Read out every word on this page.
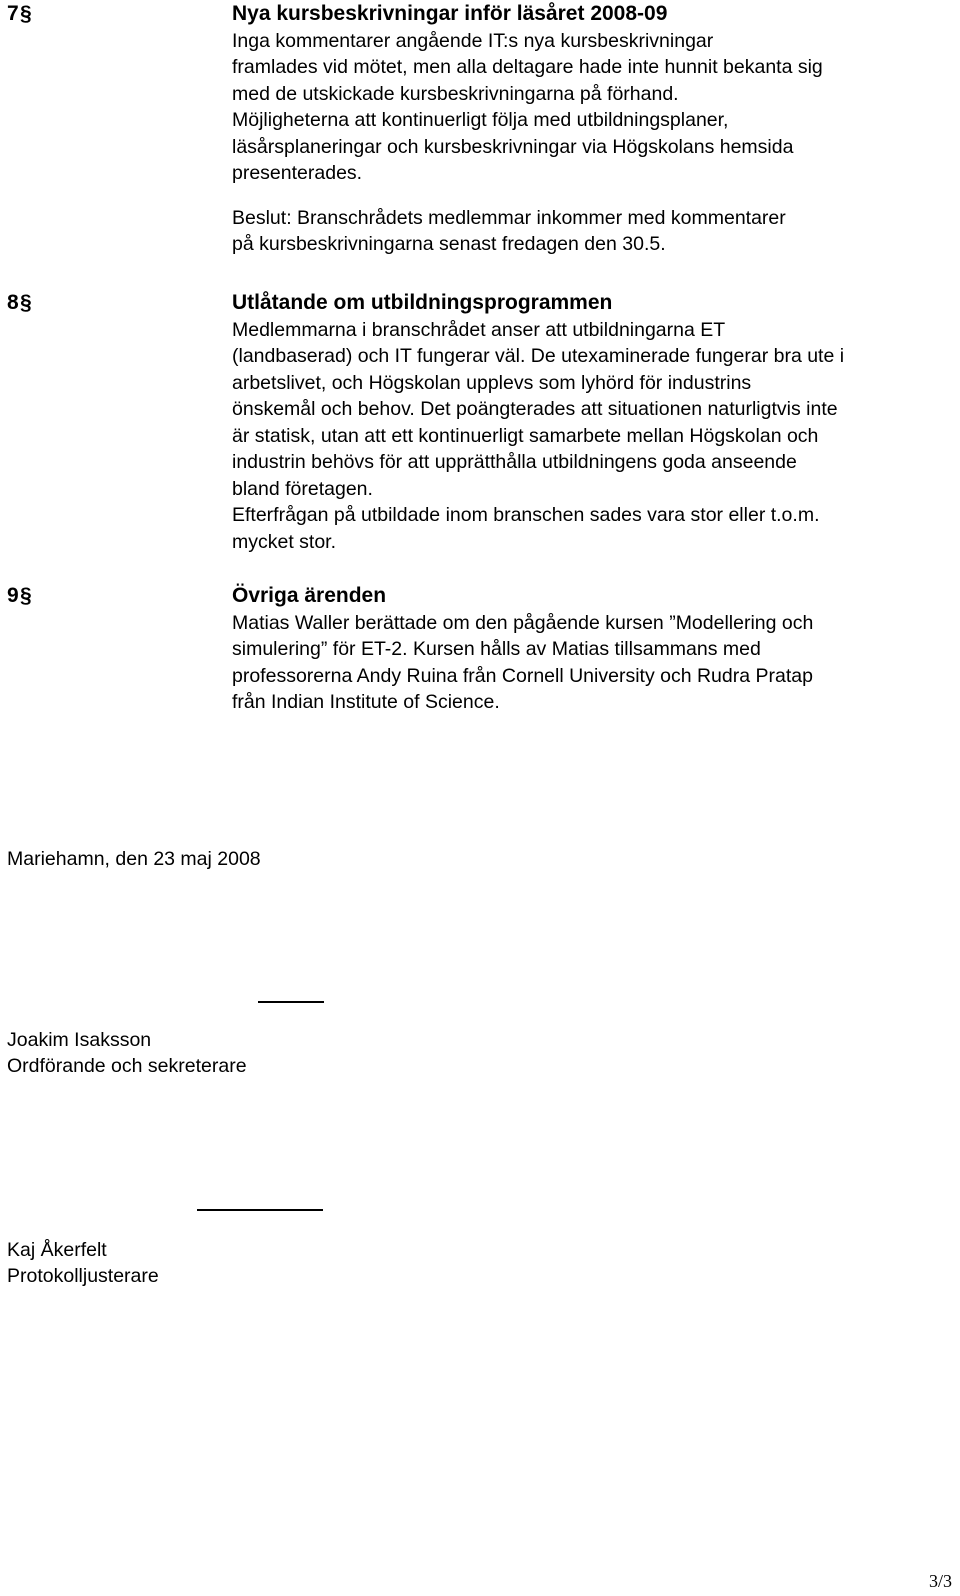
7 §	Nya kursbeskrivningar inför läsåret 2008-09

Inga kommentarer angående IT:s nya kursbeskrivningar

framlades vid mötet, men alla deltagare hade inte hunnit bekanta sig

med de utskickade kursbeskrivningarna på förhand.

Möjligheterna att kontinuerligt följa med utbildningsplaner,

läsårsplaneringar och kursbeskrivningar via Högskolans hemsida

presenterades.

Beslut: Branschrådets medlemmar inkommer med kommentarer

på kursbeskrivningarna senast fredagen den 30.5.

8 §	Utlåtande om utbildningsprogrammen

Medlemmarna i branschrådet anser att utbildningarna ET

(landbaserad) och IT fungerar väl. De utexaminerade fungerar bra ute i

arbetslivet, och Högskolan upplevs som lyhörd för industrins

önskemål och behov. Det poängterades att situationen naturligtvis inte

är statisk, utan att ett kontinuerligt samarbete mellan Högskolan och

industrin behövs för att upprätthålla utbildningens goda anseende

bland företagen.

Efterfrågan på utbildade inom branschen sades vara stor eller t.o.m.

mycket stor.

9 §	Övriga ärenden

Matias Waller berättade om den pågående kursen ”Modellering och

simulering” för ET-2. Kursen hålls av Matias tillsammans med

professorerna Andy Ruina från Cornell University och Rudra Pratap

från Indian Institute of Science.

Mariehamn, den 23 maj 2008

Joakim Isaksson

Ordförande och sekreterare

Kaj Åkerfelt

Protokolljusterare

3/3
